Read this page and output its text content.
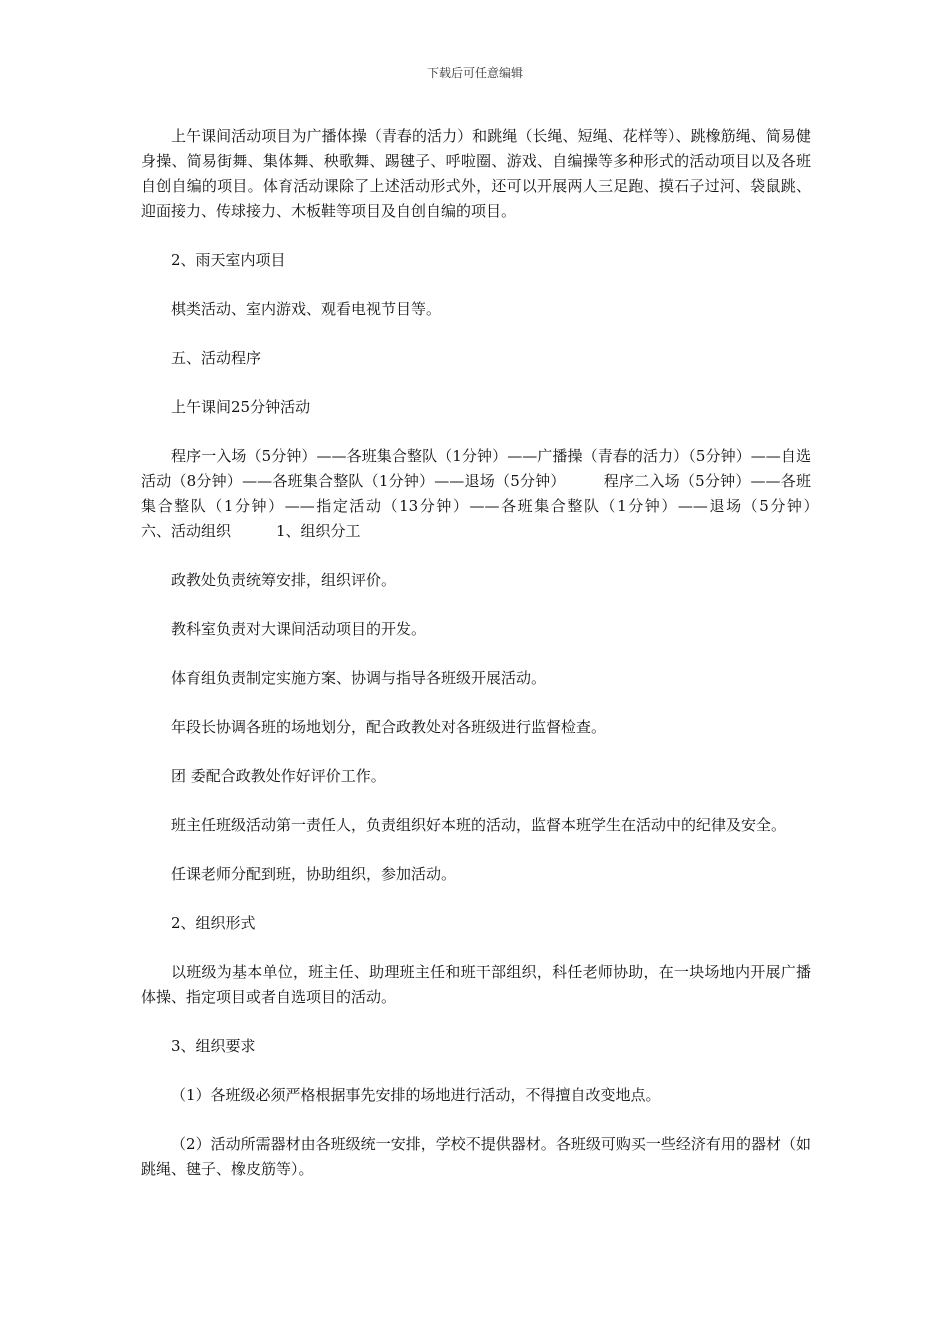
下载后可任意编辑

上午课间活动项目为广播体操（青春的活力）和跳绳（长绳、短绳、花样等）、跳橡筋绳、简易健身操、简易街舞、集体舞、秧歌舞、踢毽子、呼啦圈、游戏、自编操等多种形式的活动项目以及各班自创自编的项目。体育活动课除了上述活动形式外，还可以开展两人三足跑、摸石子过河、袋鼠跳、迎面接力、传球接力、木板鞋等项目及自创自编的项目。

2、雨天室内项目

棋类活动、室内游戏、观看电视节目等。

五、活动程序

上午课间25分钟活动

程序一入场（5分钟）——各班集合整队（1分钟）——广播操（青春的活力）（5分钟）——自选活动（8分钟）——各班集合整队（1分钟）——退场（5分钟）　　　程序二入场（5分钟）——各班集合整队（1分钟）——指定活动（13分钟）——各班集合整队（1分钟）——退场（5分钟）　　　六、活动组织　　　1、组织分工

政教处负责统筹安排，组织评价。

教科室负责对大课间活动项目的开发。

体育组负责制定实施方案、协调与指导各班级开展活动。

年段长协调各班的场地划分，配合政教处对各班级进行监督检查。

团 委配合政教处作好评价工作。

班主任班级活动第一责任人，负责组织好本班的活动，监督本班学生在活动中的纪律及安全。

任课老师分配到班，协助组织，参加活动。

2、组织形式

以班级为基本单位，班主任、助理班主任和班干部组织，科任老师协助，在一块场地内开展广播体操、指定项目或者自选项目的活动。

3、组织要求

（1）各班级必须严格根据事先安排的场地进行活动，不得擅自改变地点。

（2）活动所需器材由各班级统一安排，学校不提供器材。各班级可购买一些经济有用的器材（如跳绳、毽子、橡皮筋等）。
